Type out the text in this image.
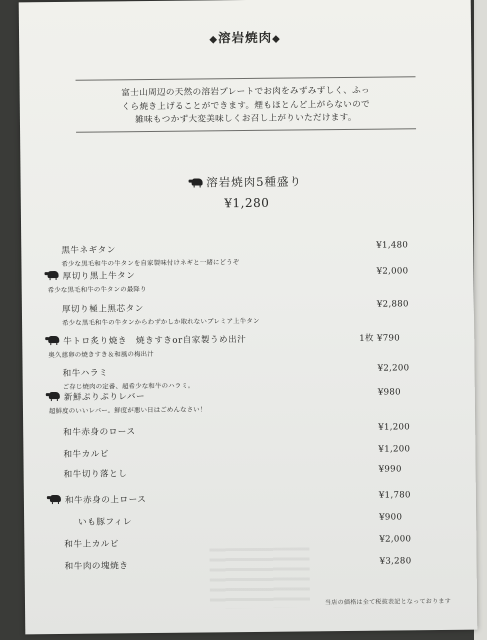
◆溶岩焼肉◆
富士山周辺の天然の溶岩プレートでお肉をみずみずしく、ふっ
くら焼き上げることができます。煙もほとんど上がらないので
雑味もつかず大変美味しくお召し上がりいただけます。
溶岩焼肉5種盛り
¥1,280
黒牛ネギタン
希少な黒毛和牛の牛タンを自家製味付けネギと一緒にどうぞ
¥1,480
厚切り黒上牛タン
希少な黒毛和牛の牛タンの最降り
¥2,000
厚切り極上黒芯タン
希少な黒毛和牛の牛タンからわずかしか取れないプレミア上牛タン
¥2,880
牛トロ炙り焼き　焼きすきor自家製うめ出汁
奥久慈卵の焼きすき＆和風の梅出汁
1枚 ¥790
和牛ハラミ
ご存じ焼肉の定番、超希少な和牛のハラミ。
¥2,200
新鮮ぷりぷりレバー
超鮮度のいいレバー。鮮度が悪い日はごめんなさい！
¥980
和牛赤身のロース	¥1,200
和牛カルビ	¥1,200
和牛切り落とし	¥990
和牛赤身の上ロース	¥1,780
いも豚フィレ	¥900
和牛上カルビ	¥2,000
和牛肉の塊焼き	¥3,280
当店の価格は全て税抜表記となっております
